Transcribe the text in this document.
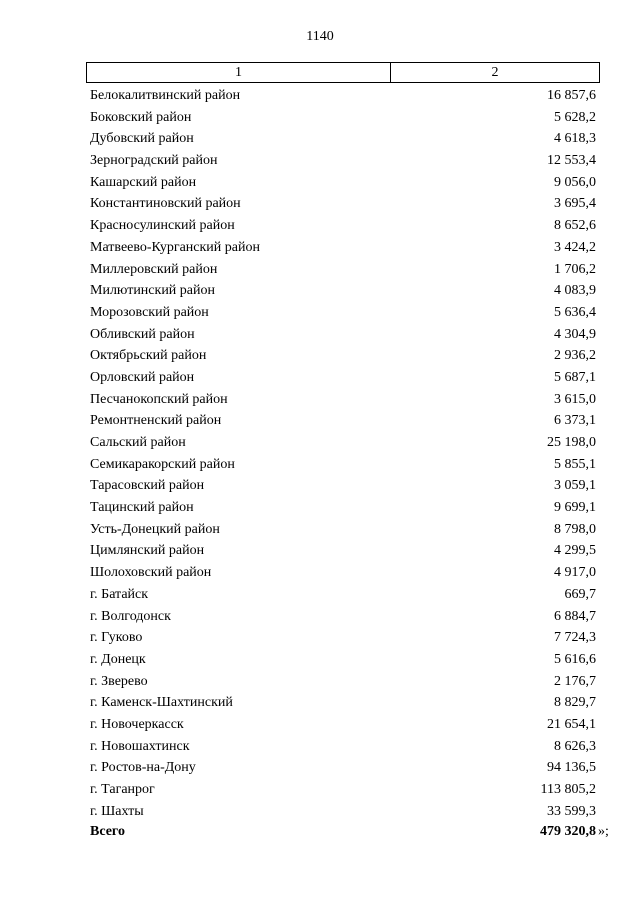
1140
1	2
Белокалитвинский район	16 857,6
Боковский район	5 628,2
Дубовский район	4 618,3
Зерноградский район	12 553,4
Кашарский район	9 056,0
Константиновский район	3 695,4
Красносулинский район	8 652,6
Матвеево-Курганский район	3 424,2
Миллеровский район	1 706,2
Милютинский район	4 083,9
Морозовский район	5 636,4
Обливский район	4 304,9
Октябрьский район	2 936,2
Орловский район	5 687,1
Песчанокопский район	3 615,0
Ремонтненский район	6 373,1
Сальский район	25 198,0
Семикаракорский район	5 855,1
Тарасовский район	3 059,1
Тацинский район	9 699,1
Усть-Донецкий район	8 798,0
Цимлянский район	4 299,5
Шолоховский район	4 917,0
г. Батайск	669,7
г. Волгодонск	6 884,7
г. Гуково	7 724,3
г. Донецк	5 616,6
г. Зверево	2 176,7
г. Каменск-Шахтинский	8 829,7
г. Новочеркасск	21 654,1
г. Новошахтинск	8 626,3
г. Ростов-на-Дону	94 136,5
г. Таганрог	113 805,2
г. Шахты	33 599,3
Всего	479 320,8 »;
